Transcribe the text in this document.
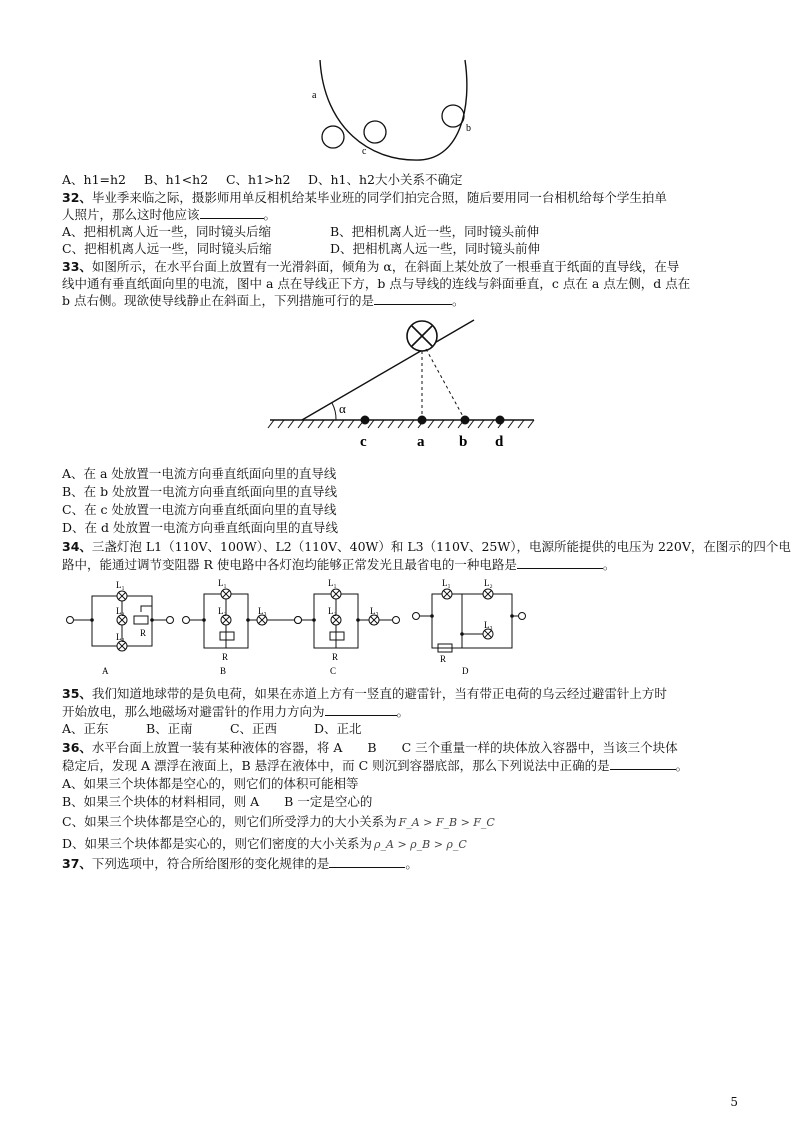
a
b
c
A、h1=h2 B、h1<h2 C、h1>h2 D、h1、h2大小关系不确定
32、毕业季来临之际，摄影师用单反相机给某毕业班的同学们拍完合照，随后要用同一台相机给每个学生拍单
人照片，那么这时他应该	。
A、把相机离人近一些，同时镜头后缩	B、把相机离人近一些，同时镜头前伸
C、把相机离人远一些，同时镜头后缩	D、把相机离人远一些，同时镜头前伸
33、如图所示，在水平台面上放置有一光滑斜面，倾角为 α，在斜面上某处放了一根垂直于纸面的直导线，在导
线中通有垂直纸面向里的电流，图中 a 点在导线正下方，b 点与导线的连线与斜面垂直，c 点在 a 点左侧，d 点在
b 点右侧。现欲使导线静止在斜面上，下列措施可行的是	。
α
c	a b d
A、在 a 处放置一电流方向垂直纸面向里的直导线
B、在 b 处放置一电流方向垂直纸面向里的直导线
C、在 c 处放置一电流方向垂直纸面向里的直导线
D、在 d 处放置一电流方向垂直纸面向里的直导线
34、三盏灯泡 L1（110V、100W）、L2（110V、40W）和 L3（110V、25W），电源所能提供的电压为 220V，在图示的四个电
路中，能通过调节变阻器 R 使电路中各灯泡均能够正常发光且最省电的一种电路是	。
L₁
L₂
L₃ R
A
L₁
L₂	L₃
R
B
L₁
L₂	L₃
R
C
L₁	L₂
L₃
R
D
35、我们知道地球带的是负电荷，如果在赤道上方有一竖直的避雷针，当有带正电荷的乌云经过避雷针上方时
开始放电，那么地磁场对避雷针的作用力方向为	。
A、正东	B、正南	C、正西	D、正北
36、水平台面上放置一装有某种液体的容器，将 A　　B　　C 三个重量一样的块体放入容器中，当该三个块体
稳定后，发现 A 漂浮在液面上，B 悬浮在液体中，而 C 则沉到容器底部，那么下列说法中正确的是	。
A、如果三个块体都是空心的，则它们的体积可能相等
B、如果三个块体的材料相同，则 A　　B 一定是空心的
C、如果三个块体都是空心的，则它们所受浮力的大小关系为 F_A > F_B > F_C
D、如果三个块体都是实心的，则它们密度的大小关系为 ρ_A > ρ_B > ρ_C
37、下列选项中，符合所给图形的变化规律的是	。
5
